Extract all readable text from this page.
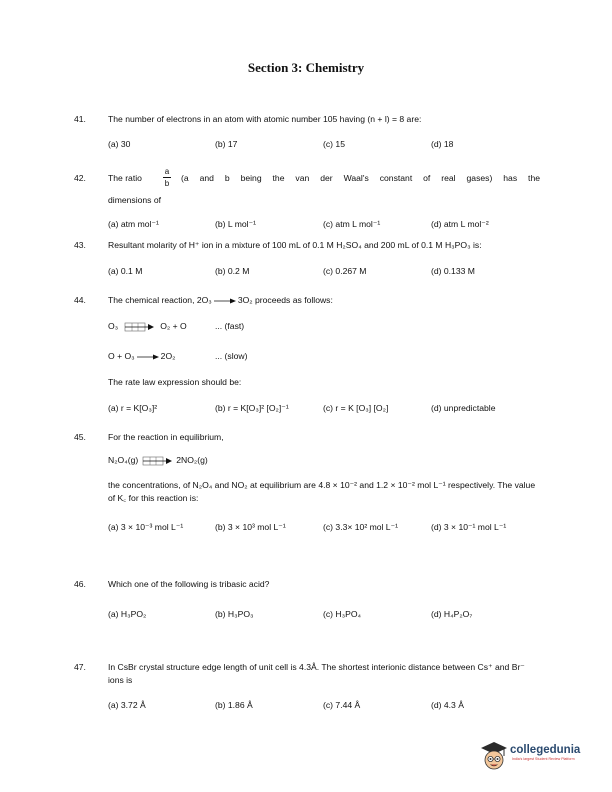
Section 3: Chemistry
41.	The number of electrons in an atom with atomic number 105 having (n + l) = 8 are:
(a) 30	(b) 17	(c) 15	(d) 18
42.	The ratio
a
b
(a and b being the van der Waal's constant of real gases) has the
dimensions of
(a) atm mol⁻¹	(b) L mol⁻¹	(c) atm L mol⁻¹	(d) atm L mol⁻²
43.	Resultant molarity of H⁺ ion in a mixture of 100 mL of 0.1 M H₂SO₄ and 200 mL of 0.1 M H₃PO₃ is:
(a) 0.1 M	(b) 0.2 M	(c) 0.267 M	(d) 0.133 M
44.	The chemical reaction, 2O₃ → 3O₂ proceeds as follows:
O₃	O₂ + O	... (fast)
O + O₃ → 2O₂	... (slow)
The rate law expression should be:
(a) r = K[O₃]²	(b) r = K[O₃]² [O₂]⁻¹	(c) r = K [O₃] [O₂]	(d) unpredictable
45.	For the reaction in equilibrium,
N₂O₄(g)	2NO₂(g)
the concentrations, of N₂O₄ and NO₂ at equilibrium are 4.8 × 10⁻² and 1.2 × 10⁻² mol L⁻¹ respectively. The value of K꜀ for this reaction is:
(a) 3 × 10⁻³ mol L⁻¹	(b) 3 × 10³ mol L⁻¹	(c) 3.3× 10² mol L⁻¹	(d) 3 × 10⁻¹ mol L⁻¹
46.	Which one of the following is tribasic acid?
(a) H₃PO₂	(b) H₃PO₃	(c) H₃PO₄	(d) H₄P₂O₇
47.	In CsBr crystal structure edge length of unit cell is 4.3Å. The shortest interionic distance between Cs⁺ and Br⁻ ions is
(a) 3.72 Å	(b) 1.86 Å	(c) 7.44 Å	(d) 4.3 Å
collegedunia
India's largest Student Review Platform
